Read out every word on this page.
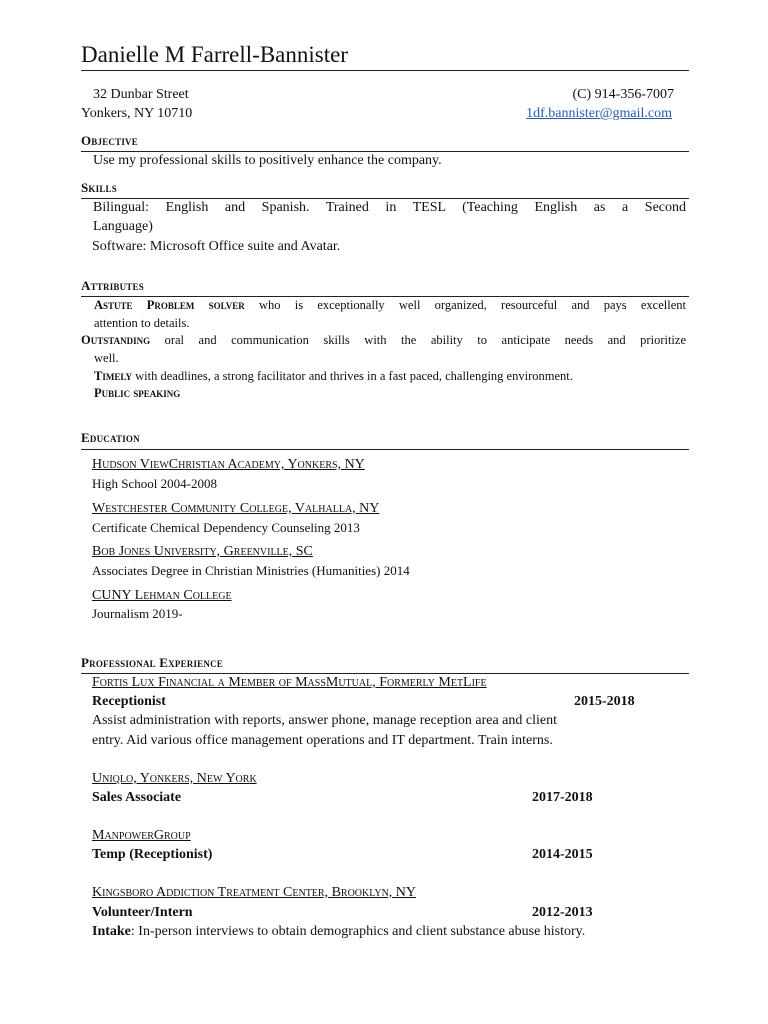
Danielle M Farrell-Bannister
32 Dunbar Street
Yonkers, NY 10710
(C) 914-356-7007
1df.bannister@gmail.com
Objective
Use my professional skills to positively enhance the company.
Skills
Bilingual: English and Spanish. Trained in TESL (Teaching English as a Second
Language)
Software: Microsoft Office suite and Avatar.
Attributes
Astute Problem solver who is exceptionally well organized, resourceful and pays excellent
attention to details.
Outstanding oral and communication skills with the ability to anticipate needs and prioritize
well.
Timely with deadlines, a strong facilitator and thrives in a fast paced, challenging environment.
Public speaking
Education
Hudson ViewChristian Academy, Yonkers, NY
High School 2004-2008
Westchester Community College, Valhalla, NY
Certificate Chemical Dependency Counseling 2013
Bob Jones University, Greenville, SC
Associates Degree in Christian Ministries (Humanities) 2014
CUNY Lehman College
Journalism 2019-
Professional Experience
Fortis Lux Financial a Member of MassMutual, Formerly MetLife
Receptionist	2015-2018
Assist administration with reports, answer phone, manage reception area and client
entry. Aid various office management operations and IT department. Train interns.
Uniqlo, Yonkers, New York
Sales Associate	2017-2018
ManpowerGroup
Temp (Receptionist)	2014-2015
Kingsboro Addiction Treatment Center, Brooklyn, NY
Volunteer/Intern	2012-2013
Intake: In-person interviews to obtain demographics and client substance abuse history.
